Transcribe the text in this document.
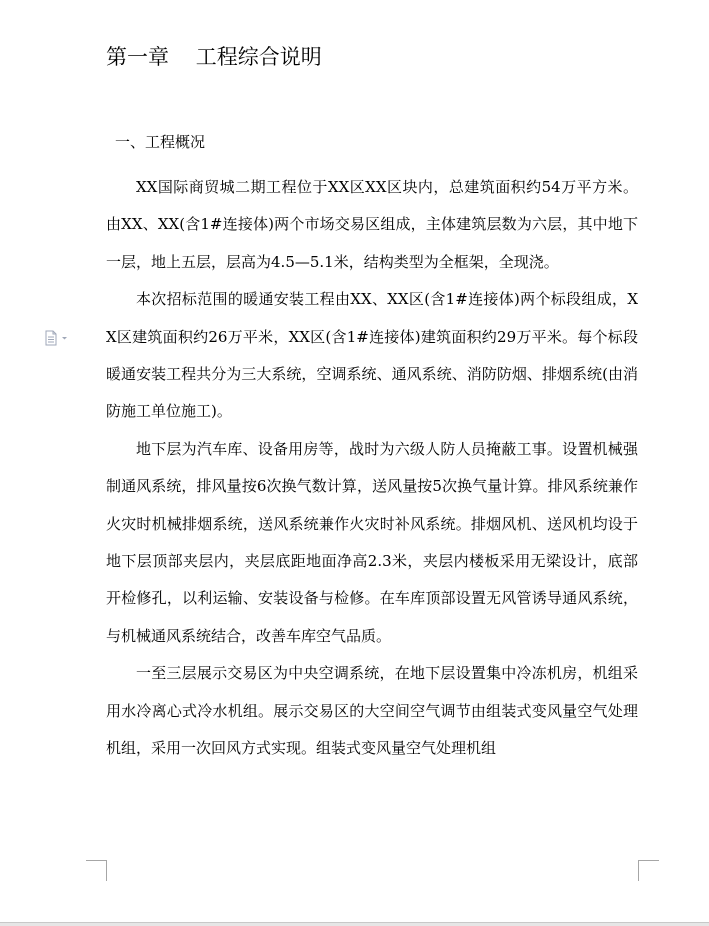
第一章    工程综合说明
一、工程概况

XX国际商贸城二期工程位于XX区XX区块内，总建筑面积约54万平方米。由XX、XX(含1#连接体)两个市场交易区组成，主体建筑层数为六层，其中地下一层，地上五层，层高为4.5—5.1米，结构类型为全框架，全现浇。

本次招标范围的暖通安装工程由XX、XX区(含1#连接体)两个标段组成，XX区建筑面积约26万平米，XX区(含1#连接体)建筑面积约29万平米。每个标段暖通安装工程共分为三大系统，空调系统、通风系统、消防防烟、排烟系统(由消防施工单位施工)。

地下层为汽车库、设备用房等，战时为六级人防人员掩蔽工事。设置机械强制通风系统，排风量按6次换气数计算，送风量按5次换气量计算。排风系统兼作火灾时机械排烟系统，送风系统兼作火灾时补风系统。排烟风机、送风机均设于地下层顶部夹层内，夹层底距地面净高2.3米，夹层内楼板采用无梁设计，底部开检修孔，以利运输、安装设备与检修。在车库顶部设置无风管诱导通风系统，与机械通风系统结合，改善车库空气品质。

一至三层展示交易区为中央空调系统，在地下层设置集中冷冻机房，机组采用水冷离心式冷水机组。展示交易区的大空间空气调节由组装式变风量空气处理机组，采用一次回风方式实现。组装式变风量空气处理机组
